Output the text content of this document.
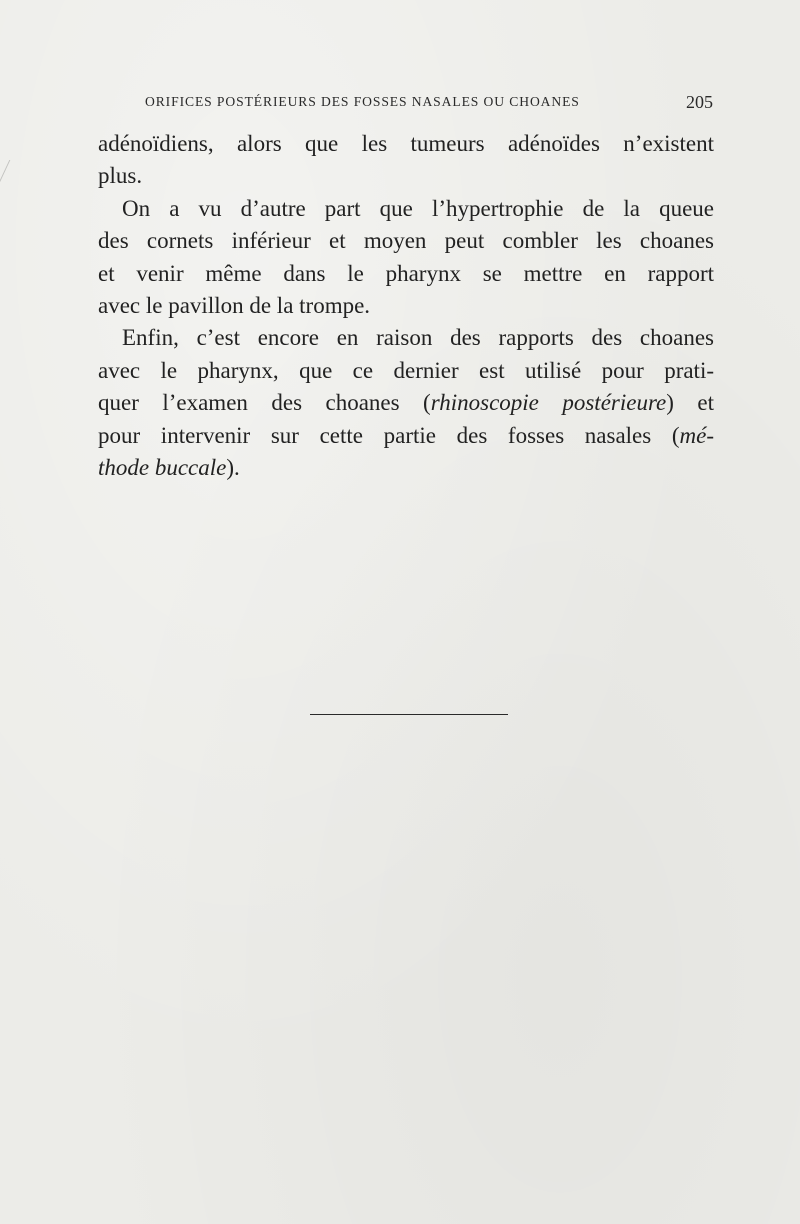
ORIFICES POSTÉRIEURS DES FOSSES NASALES OU CHOANES	205
adénoïdiens, alors que les tumeurs adénoïdes n’existent
plus.
On a vu d’autre part que l’hypertrophie de la queue
des cornets inférieur et moyen peut combler les choanes
et venir même dans le pharynx se mettre en rapport
avec le pavillon de la trompe.
Enfin, c’est encore en raison des rapports des choanes
avec le pharynx, que ce dernier est utilisé pour prati-
quer l’examen des choanes (rhinoscopie postérieure) et
pour intervenir sur cette partie des fosses nasales (mé-
thode buccale).
